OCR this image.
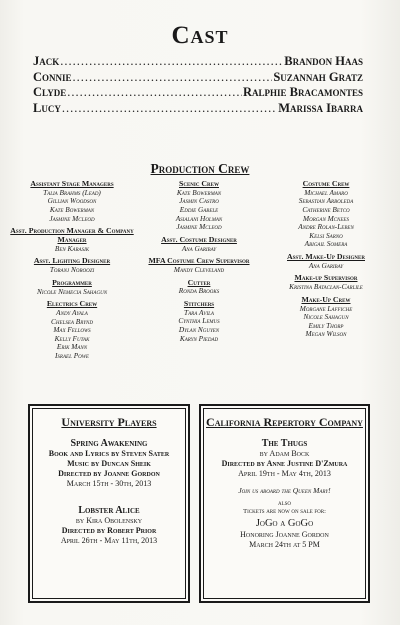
Cast
Jack .....	Brandon Haas
Connie .....	Suzannah Gratz
Clyde .....	Ralphie Bracamontes
Lucy .....	Marissa Ibarra
Production Crew
Assistant Stage Managers
Talia Brahms (Lead)
Gillian Woodson
Kate Bowerman
Jasmine Mcleod
Asst. Production Manager & Company Manager
Ben Karasik
Asst. Lighting Designer
Toranj Noroozi
Programmer
Nicole Nemecia Sahagun
Electrics Crew
Andy Ayala
Chelsea Brynd
Max Fellows
Kelly Futak
Erik Mann
Israel Powe
Scenic Crew
Kate Bowerman
Jasmin Castro
Eddie Gabele
Asialani Holman
Jasmine Mcleod
Asst. Costume Designer
Ana Garibay
MFA Costume Crew Supervisor
Mandy Cleveland
Cutter
Ronda Brooks
Stitchers
Tara Avila
Cynthia Lemus
Dylan Nguyen
Karyn Piedad
Costume Crew
Michael Amaro
Sebastian Arboleda
Catherine Betco
Morgan Mcnees
Andre Rolan-Leben
Kelsi Sarno
Abigail Somera
Asst. Make-Up Designer
Ana Garibay
Make-up Supervisor
Kristina Bataclan-Carlile
Make-Up Crew
Morgane Laffiche
Nicole Sahagun
Emily Thorp
Megan Wilson
University Players
Spring Awakening
Book and Lyrics by Steven Sater
Music by Duncan Sheik
Directed by Joanne Gordon
March 15th - 30th, 2013
Lobster Alice
by Kira Obolensky
Directed by Robert Prior
April 26th - May 11th, 2013
California Repertory Company
The Thugs
by Adam Bock
Directed by Anne Justine D'Zmura
April 19th - May 4th, 2013
Join us aboard the Queen Mary!
also
Tickets are now on sale for:
JoGo a GoGo
Honoring Joanne Gordon
March 24th at 5 PM
